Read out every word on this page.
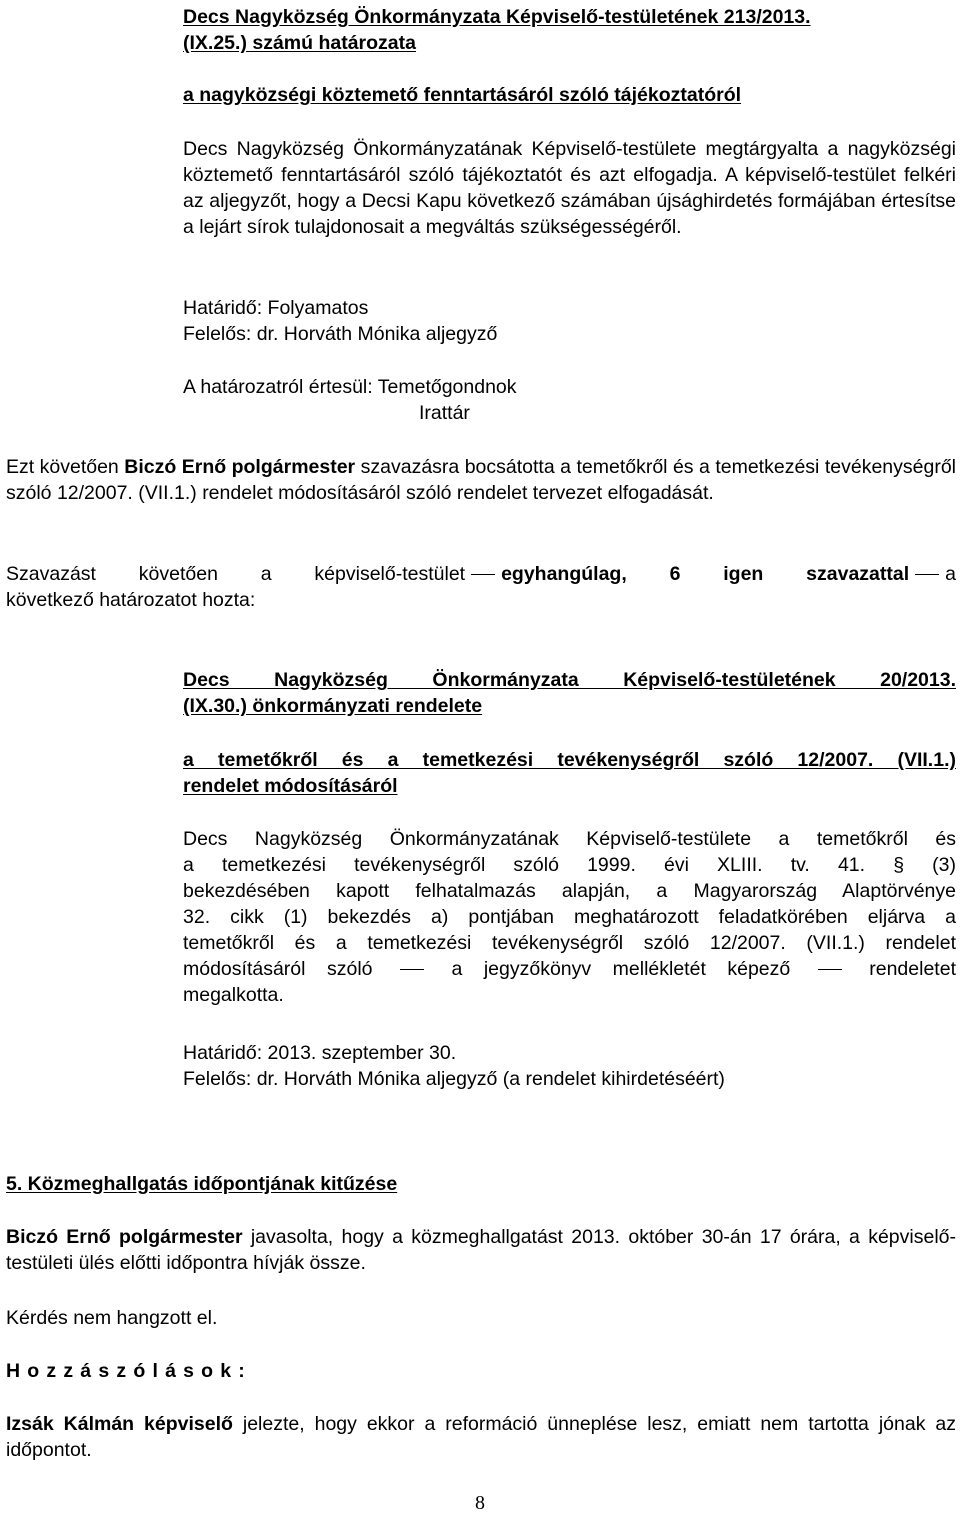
Decs Nagyközség Önkormányzata Képviselő-testületének 213/2013.
(IX.25.) számú határozata
a nagyközségi köztemető fenntartásáról szóló tájékoztatóról

Decs Nagyközség Önkormányzatának Képviselő-testülete megtárgyalta a nagyközségi köztemető fenntartásáról szóló tájékoztatót és azt elfogadja. A képviselő-testület felkéri az aljegyzőt, hogy a Decsi Kapu következő számában újsághirdetés formájában értesítse a lejárt sírok tulajdonosait a megváltás szükségességéről.

Határidő: Folyamatos
Felelős: dr. Horváth Mónika aljegyző
A határozatról értesül: Temetőgondnok
Irattár

Ezt követően Biczó Ernő polgármester szavazásra bocsátotta a temetőkről és a temetkezési tevékenységről szóló 12/2007. (VII.1.) rendelet módosításáról szóló rendelet tervezet elfogadását.

Szavazást követően a képviselő-testület egyhangúlag, 6 igen szavazattal a
következő határozatot hozta:
Decs Nagyközség Önkormányzata Képviselő-testületének 20/2013.
(IX.30.) önkormányzati rendelete
a temetőkről és a temetkezési tevékenységről szóló 12/2007. (VII.1.)
rendelet módosításáról
Decs Nagyközség Önkormányzatának Képviselő-testülete a temetőkről és
a temetkezési tevékenységről szóló 1999. évi XLIII. tv. 41. § (3)
bekezdésében kapott felhatalmazás alapján, a Magyarország Alaptörvénye
32. cikk (1) bekezdés a) pontjában meghatározott feladatkörében eljárva a
temetőkről és a temetkezési tevékenységről szóló 12/2007. (VII.1.) rendelet
módosításáról szóló	a jegyzőkönyv mellékletét képező	rendeletet
megalkotta.
Határidő: 2013. szeptember 30.
Felelős: dr. Horváth Mónika aljegyző (a rendelet kihirdetéséért)
5. Közmeghallgatás időpontjának kitűzése

Biczó Ernő polgármester javasolta, hogy a közmeghallgatást 2013. október 30-án 17 órára, a képviselő-testületi ülés előtti időpontra hívják össze.

Kérdés nem hangzott el.
Hozzászólások:

Izsák Kálmán képviselő jelezte, hogy ekkor a reformáció ünneplése lesz, emiatt nem tartotta jónak az időpontot.

8
